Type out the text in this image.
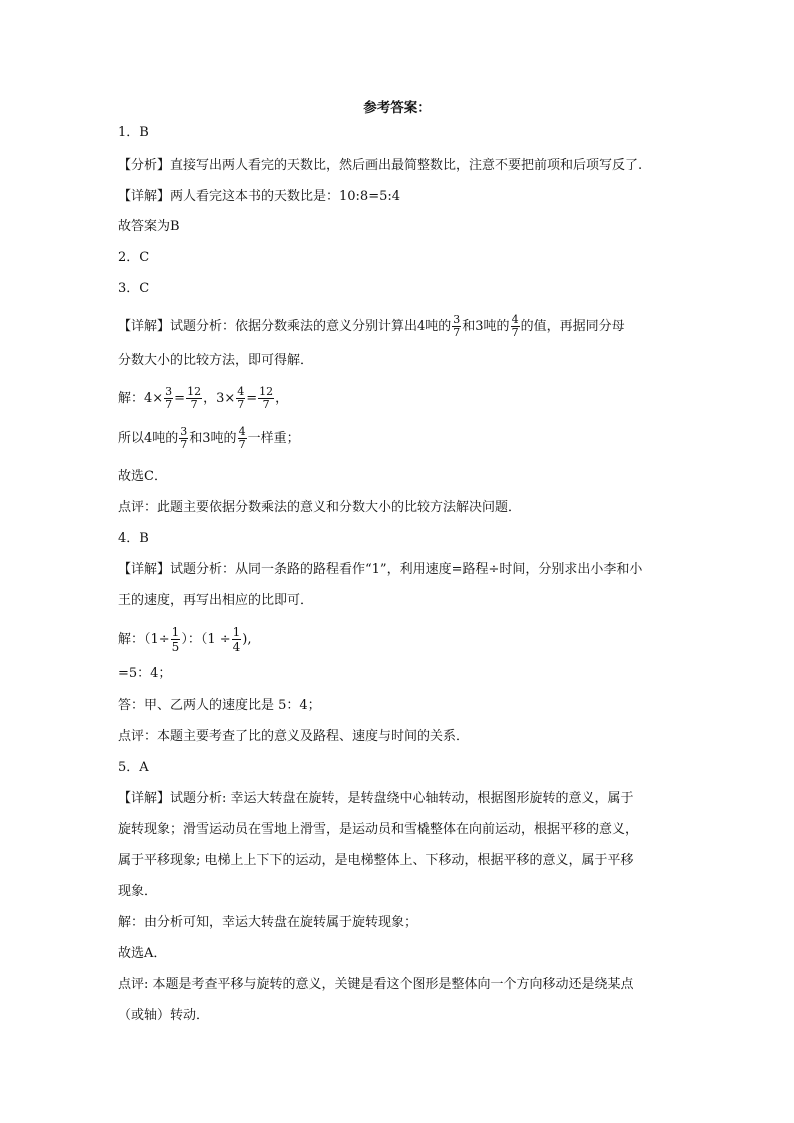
参考答案：
1．B
【分析】直接写出两人看完的天数比，然后画出最简整数比，注意不要把前项和后项写反了.
【详解】两人看完这本书的天数比是：10:8=5:4
故答案为B
2．C
3．C
【详解】试题分析：依据分数乘法的意义分别计算出4吨的 $\frac{3}{7}$ 和3吨的 $\frac{4}{7}$ 的值，再据同分母
分数大小的比较方法，即可得解．
解：$4\times \frac{3}{7} = \frac{12}{7}$ ，$3\times \frac{4}{7} = \frac{12}{7}$ ，
所以4吨的 $\frac{3}{7}$ 和3吨的 $\frac{4}{7}$ 一样重；
故选C．
点评：此题主要依据分数乘法的意义和分数大小的比较方法解决问题．
4．B
【详解】试题分析：从同一条路的路程看作“1”，利用速度=路程÷时间，分别求出小李和小
王的速度，再写出相应的比即可．
解：（$1\div \frac{1}{5}$ ）：（$1 \div \frac{1}{4}$ ),
=5：4；
答：甲、乙两人的速度比是 5：4；
点评：本题主要考查了比的意义及路程、速度与时间的关系．
5．A
【详解】试题分析: 幸运大转盘在旋转，是转盘绕中心轴转动，根据图形旋转的意义，属于
旋转现象；滑雪运动员在雪地上滑雪，是运动员和雪橇整体在向前运动，根据平移的意义，
属于平移现象; 电梯上上下下的运动，是电梯整体上、下移动，根据平移的意义，属于平移
现象．
解：由分析可知，幸运大转盘在旋转属于旋转现象；
故选A．
点评: 本题是考查平移与旋转的意义，关键是看这个图形是整体向一个方向移动还是绕某点
（或轴）转动．
